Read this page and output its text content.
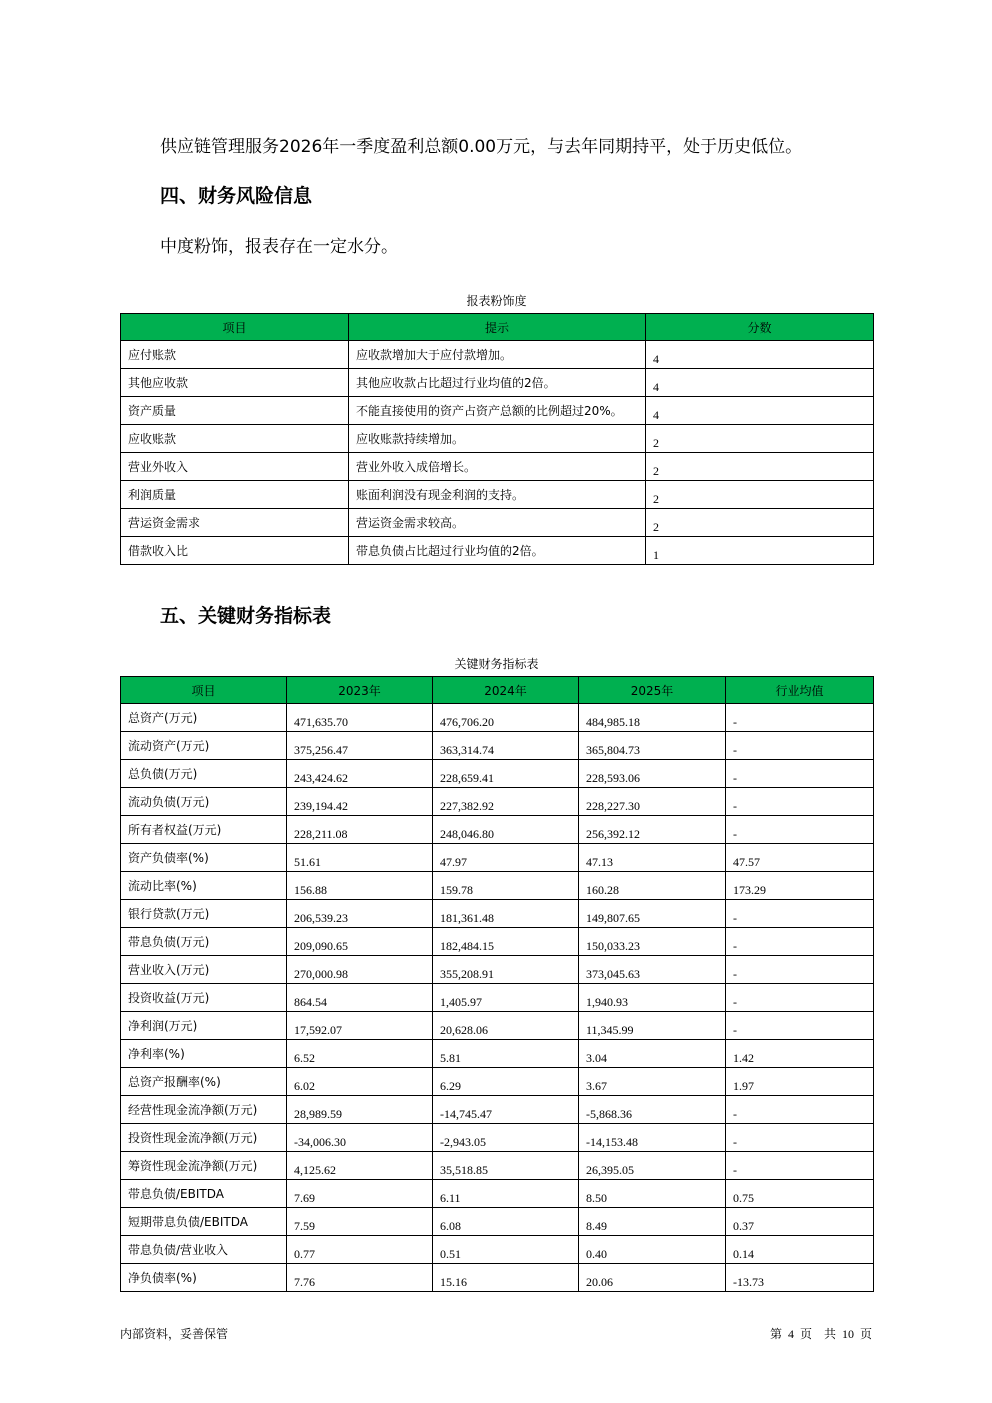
供应链管理服务2026年一季度盈利总额0.00万元，与去年同期持平，处于历史低位。
四、财务风险信息
中度粉饰，报表存在一定水分。
报表粉饰度
项目	提示	分数
应付账款	应收款增加大于应付款增加。	4
其他应收款	其他应收款占比超过行业均值的2倍。	4
资产质量	不能直接使用的资产占资产总额的比例超过20%。	4
应收账款	应收账款持续增加。	2
营业外收入	营业外收入成倍增长。	2
利润质量	账面利润没有现金利润的支持。	2
营运资金需求	营运资金需求较高。	2
借款收入比	带息负债占比超过行业均值的2倍。	1
五、关键财务指标表
关键财务指标表
项目	2023年	2024年	2025年	行业均值
总资产(万元)	471,635.70	476,706.20	484,985.18	-
流动资产(万元)	375,256.47	363,314.74	365,804.73	-
总负债(万元)	243,424.62	228,659.41	228,593.06	-
流动负债(万元)	239,194.42	227,382.92	228,227.30	-
所有者权益(万元)	228,211.08	248,046.80	256,392.12	-
资产负债率(%)	51.61	47.97	47.13	47.57
流动比率(%)	156.88	159.78	160.28	173.29
银行贷款(万元)	206,539.23	181,361.48	149,807.65	-
带息负债(万元)	209,090.65	182,484.15	150,033.23	-
营业收入(万元)	270,000.98	355,208.91	373,045.63	-
投资收益(万元)	864.54	1,405.97	1,940.93	-
净利润(万元)	17,592.07	20,628.06	11,345.99	-
净利率(%)	6.52	5.81	3.04	1.42
总资产报酬率(%)	6.02	6.29	3.67	1.97
经营性现金流净额(万元)	28,989.59	-14,745.47	-5,868.36	-
投资性现金流净额(万元)	-34,006.30	-2,943.05	-14,153.48	-
筹资性现金流净额(万元)	4,125.62	35,518.85	26,395.05	-
带息负债/EBITDA	7.69	6.11	8.50	0.75
短期带息负债/EBITDA	7.59	6.08	8.49	0.37
带息负债/营业收入	0.77	0.51	0.40	0.14
净负债率(%)	7.76	15.16	20.06	-13.73
内部资料，妥善保管	第 4 页　共 10 页
